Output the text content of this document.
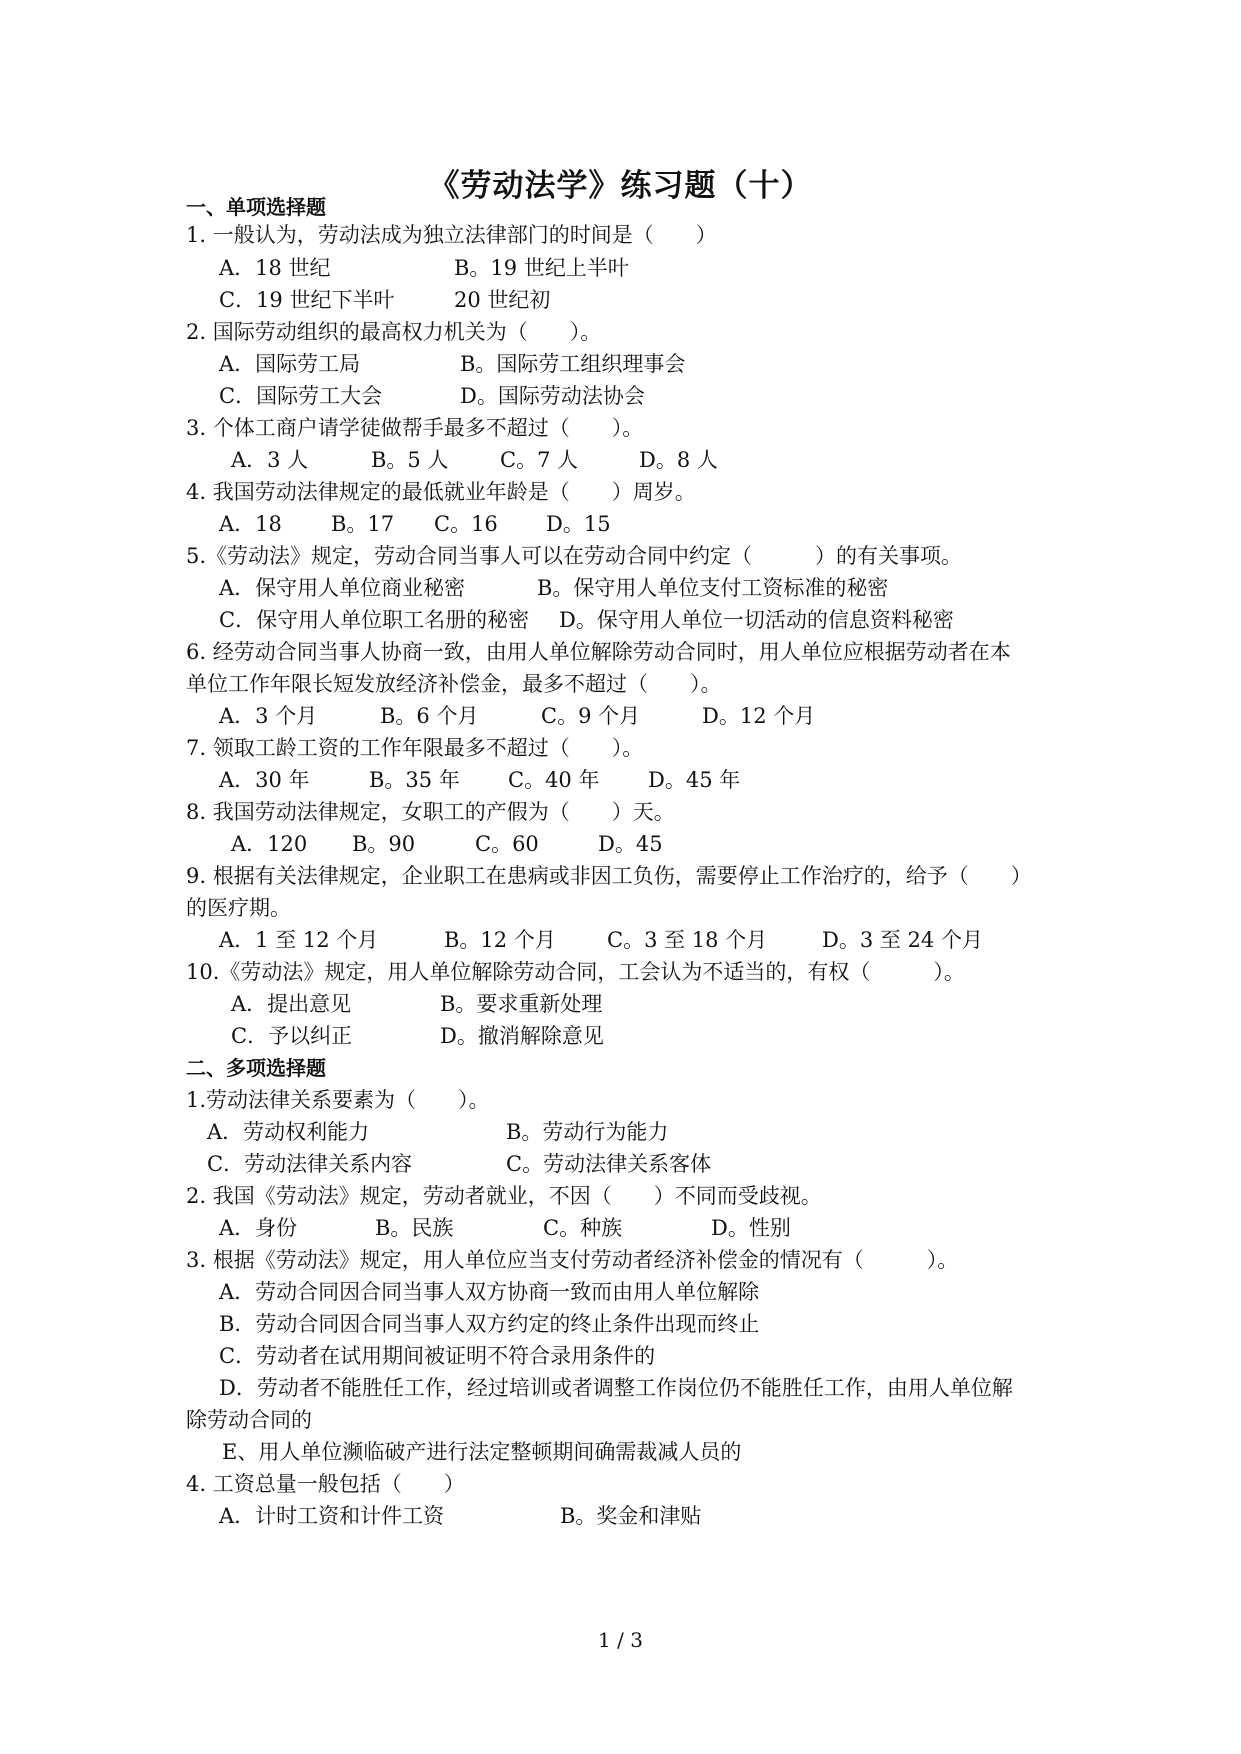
《劳动法学》练习题（十）
一、单项选择题
1. 一般认为，劳动法成为独立法律部门的时间是（　　）
A．18 世纪	B。19 世纪上半叶
C．19 世纪下半叶	20 世纪初
2. 国际劳动组织的最高权力机关为（　　）。
A．国际劳工局	B。国际劳工组织理事会
C．国际劳工大会	D。国际劳动法协会
3. 个体工商户请学徒做帮手最多不超过（　　）。
A．3 人	B。5 人 C。7 人	D。8 人
4. 我国劳动法律规定的最低就业年龄是（　　）周岁。
A．18 B。17 C。16 D。15
5.《劳动法》规定，劳动合同当事人可以在劳动合同中约定（　　　）的有关事项。
A．保守用人单位商业秘密	B。保守用人单位支付工资标准的秘密
C．保守用人单位职工名册的秘密 D。保守用人单位一切活动的信息资料秘密
6. 经劳动合同当事人协商一致，由用人单位解除劳动合同时，用人单位应根据劳动者在本
单位工作年限长短发放经济补偿金，最多不超过（　　）。
A．3 个月	B。6 个月	C。9 个月	D。12 个月
7. 领取工龄工资的工作年限最多不超过（　　）。
A．30 年	B。35 年 C。40 年 D。45 年
8. 我国劳动法律规定，女职工的产假为（　　）天。
A．120 B。90	C。60	D。45
9. 根据有关法律规定，企业职工在患病或非因工负伤，需要停止工作治疗的，给予（　　）
的医疗期。
A．1 至 12 个月	B。12 个月 C。3 至 18 个月	D。3 至 24 个月
10.《劳动法》规定，用人单位解除劳动合同，工会认为不适当的，有权（　　　）。
A．提出意见	B。要求重新处理
C．予以纠正	D。撤消解除意见
二、多项选择题
1.劳动法律关系要素为（　　）。
A．劳动权利能力	B。劳动行为能力
C．劳动法律关系内容	C。劳动法律关系客体
2. 我国《劳动法》规定，劳动者就业，不因（　　）不同而受歧视。
A．身份	B。民族	C。种族	D。性别
3. 根据《劳动法》规定，用人单位应当支付劳动者经济补偿金的情况有（　　　）。
A．劳动合同因合同当事人双方协商一致而由用人单位解除
B．劳动合同因合同当事人双方约定的终止条件出现而终止
C．劳动者在试用期间被证明不符合录用条件的
D．劳动者不能胜任工作，经过培训或者调整工作岗位仍不能胜任工作，由用人单位解
除劳动合同的
E、用人单位濒临破产进行法定整顿期间确需裁减人员的
4. 工资总量一般包括（　　）
A．计时工资和计件工资	B。奖金和津贴
1 / 3
